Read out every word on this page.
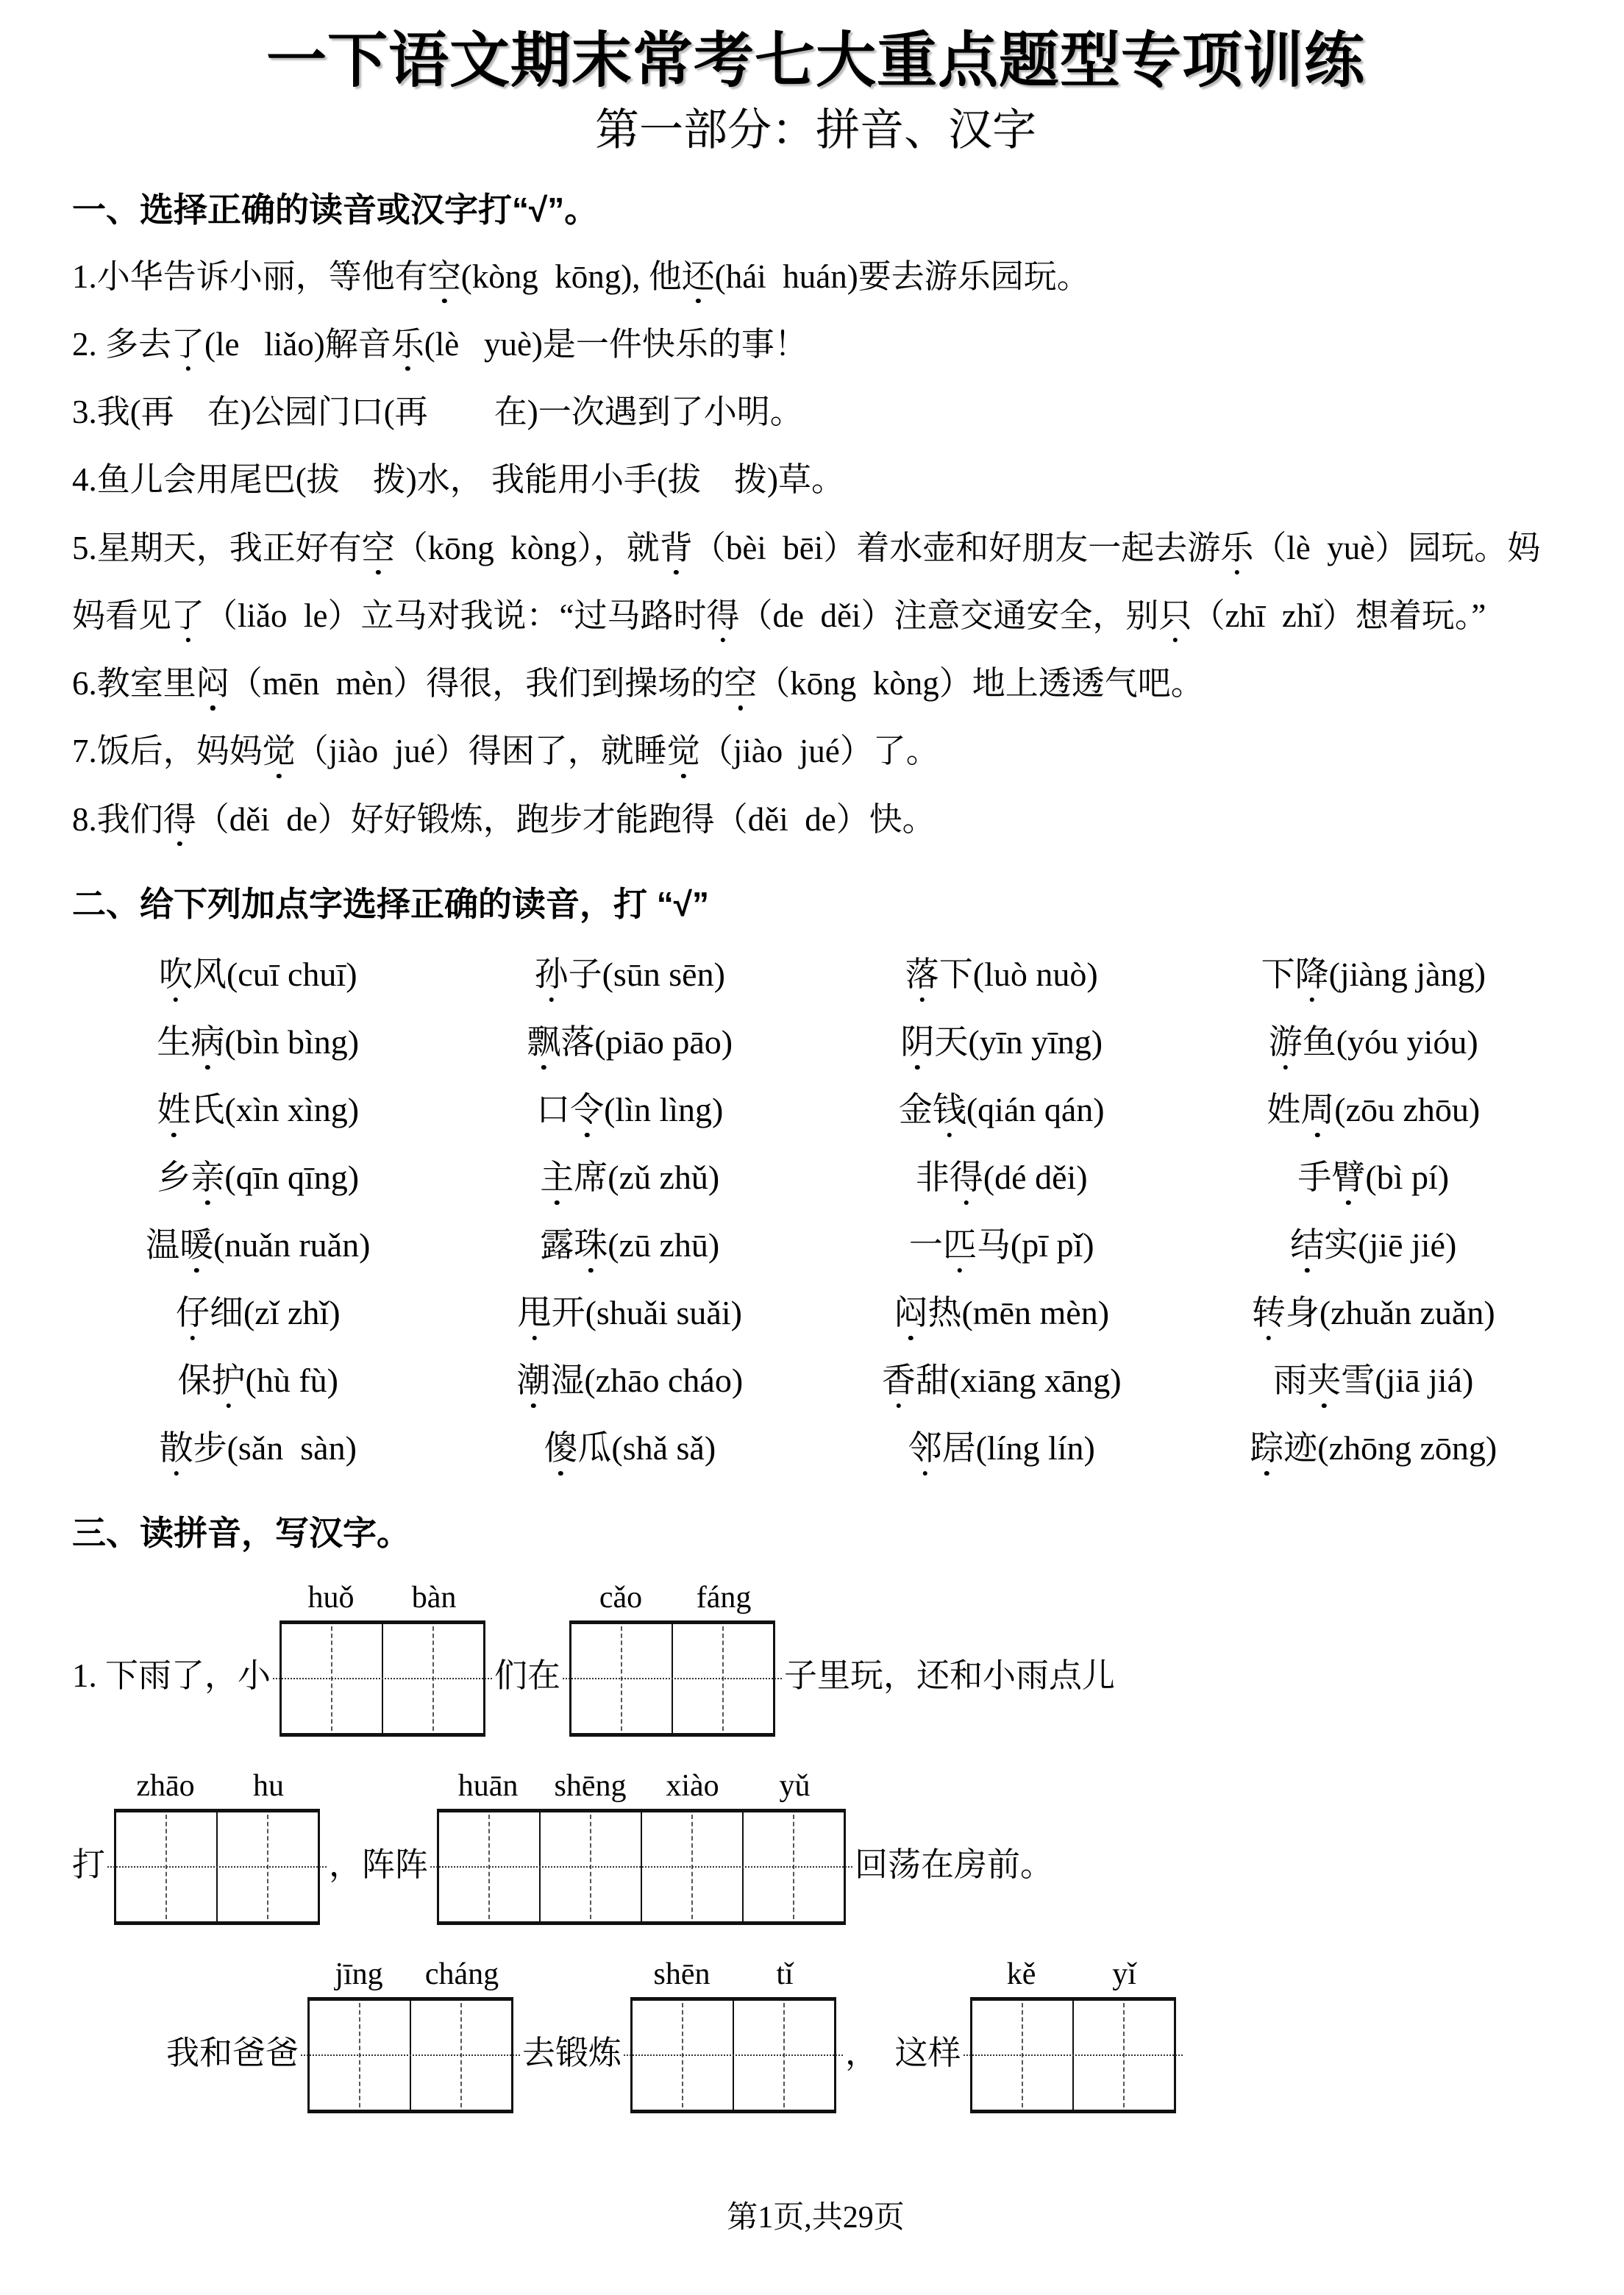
一下语文期末常考七大重点题型专项训练
第一部分：拼音、汉字
一、选择正确的读音或汉字打“√”。
1.小华告诉小丽，等他有空(kòng  kōng), 他还(hái  huán)要去游乐园玩。
2. 多去了(le   liǎo)解音乐(lè   yuè)是一件快乐的事！
3.我(再　在)公园门口(再　　在)一次遇到了小明。
4.鱼儿会用尾巴(拔　拨)水， 我能用小手(拔　拨)草。
5.星期天，我正好有空（kōng  kòng），就背（bèi  bēi）着水壶和好朋友一起去游乐（lè  yuè）园玩。妈妈看见了（liǎo  le）立马对我说：“过马路时得（de  děi）注意交通安全，别只（zhī  zhǐ）想着玩。”
6.教室里闷（mēn  mèn）得很，我们到操场的空（kōng  kòng）地上透透气吧。
7.饭后，妈妈觉（jiào  jué）得困了，就睡觉（jiào  jué）了。
8.我们得（děi  de）好好锻炼，跑步才能跑得（děi  de）快。
二、给下列加点字选择正确的读音，打 “√”
吹风(cuī chuī)	孙子(sūn sēn)	落下(luò nuò)	下降(jiàng jàng)
生病(bìn bìng)	飘落(piāo pāo)	阴天(yīn yīng)	游鱼(yóu yióu)
姓氏(xìn xìng)	口令(lìn lìng)	金钱(qián qán)	姓周(zōu zhōu)
乡亲(qīn qīng)	主席(zǔ zhǔ)	非得(dé děi)	手臂(bì pí)
温暖(nuǎn ruǎn)	露珠(zū zhū)	一匹马(pī pǐ)	结实(jiē jié)
仔细(zǐ zhǐ)	甩开(shuǎi suǎi)	闷热(mēn mèn)	转身(zhuǎn zuǎn)
保护(hù fù)	潮湿(zhāo cháo)	香甜(xiāng xāng)	雨夹雪(jiā jiá)
散步(sǎn  sàn)	傻瓜(shǎ sǎ)	邻居(líng lín)	踪迹(zhōng zōng)
三、读拼音，写汉字。
1. 下雨了，小
huǒ	bàn
们在
cǎo	fáng
子里玩，还和小雨点儿
打
zhāo	hu
，阵阵
huān	shēng	xiào	yǔ
回荡在房前。
我和爸爸
jīng	cháng
去锻炼
shēn	tǐ
，  这样
kě	yǐ
第1页,共29页
